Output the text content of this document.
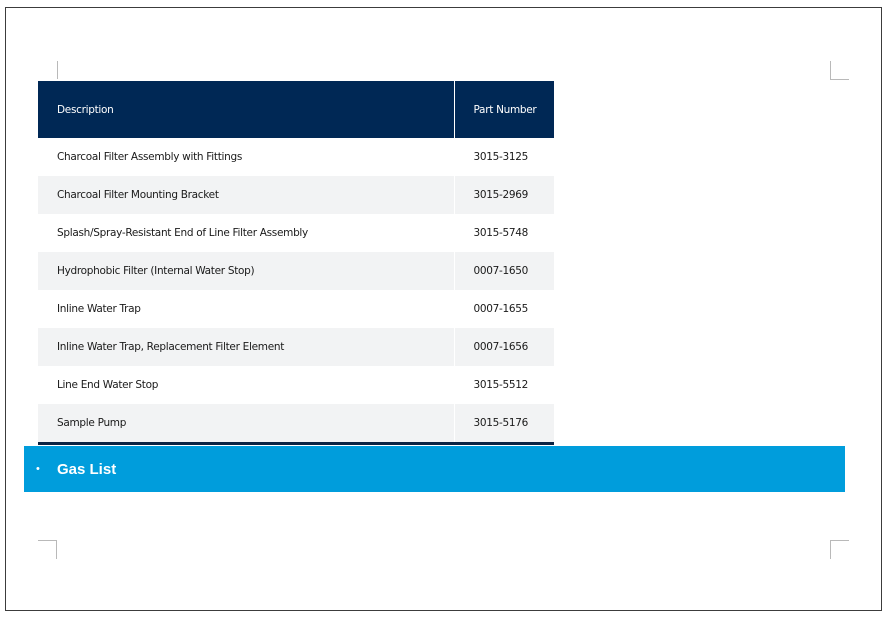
Description	Part Number
Charcoal Filter Assembly with Fittings	3015-3125
Charcoal Filter Mounting Bracket	3015-2969
Splash/Spray-Resistant End of Line Filter Assembly	3015-5748
Hydrophobic Filter (Internal Water Stop)	0007-1650
Inline Water Trap	0007-1655
Inline Water Trap, Replacement Filter Element	0007-1656
Line End Water Stop	3015-5512
Sample Pump	3015-5176
•	Gas List
